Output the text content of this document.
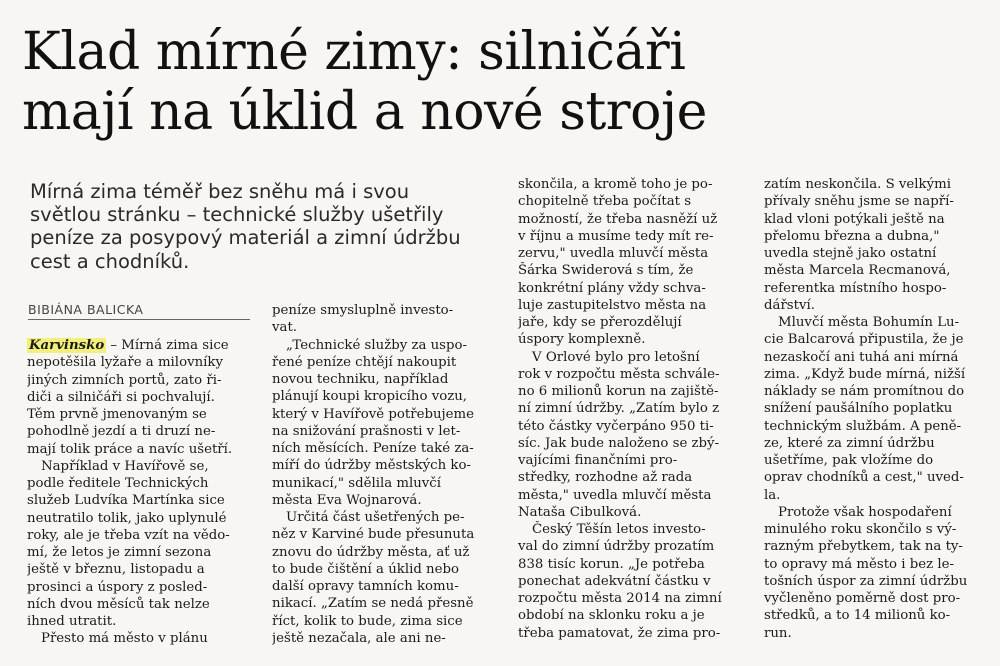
Klad mírné zimy: silničáři
mají na úklid a nové stroje
Mírná zima téměř bez sněhu má i svou
světlou stránku – technické služby ušetřily
peníze za posypový materiál a zimní údržbu
cest a chodníků.
BIBIÁNA BALICKA
Karvinsko – Mírná zima sice
nepotěšila lyžaře a milovníky
jiných zimních portů, zato ři-
diči a silničáři si pochvalují.
Těm prvně jmenovaným se
pohodlně jezdí a ti druzí ne-
mají tolik práce a navíc ušetří.
Například v Havířově se,
podle ředitele Technických
služeb Ludvíka Martínka sice
neutratilo tolik, jako uplynulé
roky, ale je třeba vzít na vědo-
mí, že letos je zimní sezona
ještě v březnu, listopadu a
prosinci a úspory z posled-
ních dvou měsíců tak nelze
ihned utratit.
Přesto má město v plánu
peníze smysluplně investo-
vat.
„Technické služby za uspo-
řené peníze chtějí nakoupit
novou techniku, například
plánují koupi kropicího vozu,
který v Havířově potřebujeme
na snižování prašnosti v let-
ních měsících. Peníze také za-
míří do údržby městských ko-
munikací," sdělila mluvčí
města Eva Wojnarová.
Určitá část ušetřených pe-
něz v Karviné bude přesunuta
znovu do údržby města, ať už
to bude čištění a úklid nebo
další opravy tamních komu-
nikací. „Zatím se nedá přesně
říct, kolik to bude, zima sice
ještě nezačala, ale ani ne-
skončila, a kromě toho je po-
chopitelně třeba počítat s
možností, že třeba nasněží už
v říjnu a musíme tedy mít re-
zervu," uvedla mluvčí města
Šárka Swiderová s tím, že
konkrétní plány vždy schva-
luje zastupitelstvo města na
jaře, kdy se přerozdělují
úspory komplexně.
V Orlové bylo pro letošní
rok v rozpočtu města schvále-
no 6 milionů korun na zajiště-
ní zimní údržby. „Zatím bylo z
této částky vyčerpáno 950 ti-
síc. Jak bude naloženo se zbý-
vajícími finančními pro-
středky, rozhodne až rada
města," uvedla mluvčí města
Nataša Cibulková.
Český Těšín letos investo-
val do zimní údržby prozatím
838 tisíc korun. „Je potřeba
ponechat adekvátní částku v
rozpočtu města 2014 na zimní
období na sklonku roku a je
třeba pamatovat, že zima pro-
zatím neskončila. S velkými
přívaly sněhu jsme se napří-
klad vloni potýkali ještě na
přelomu března a dubna,"
uvedla stejně jako ostatní
města Marcela Recmanová,
referentka místního hospo-
dářství.
Mluvčí města Bohumín Lu-
cie Balcarová připustila, že je
nezaskočí ani tuhá ani mírná
zima. „Když bude mírná, nižší
náklady se nám promítnou do
snížení paušálního poplatku
technickým službám. A peně-
ze, které za zimní údržbu
ušetříme, pak vložíme do
oprav chodníků a cest," uved-
la.
Protože však hospodaření
minulého roku skončilo s vý-
razným přebytkem, tak na ty-
to opravy má město i bez le-
tošních úspor za zimní údržbu
vyčleněno poměrně dost pro-
středků, a to 14 milionů ko-
run.
